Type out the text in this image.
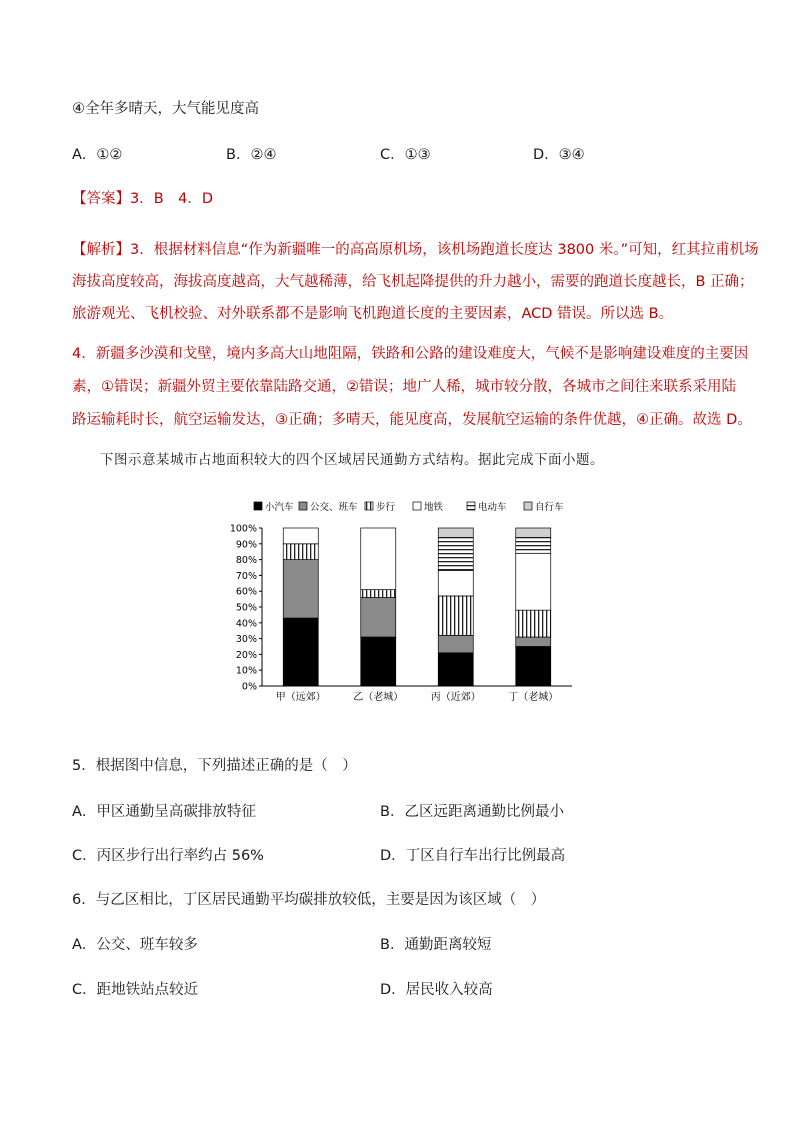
④全年多晴天，大气能见度高
A．①②	B．②④	C．①③	D．③④
【答案】3．B　4．D
【解析】3．根据材料信息“作为新疆唯一的高高原机场，该机场跑道长度达 3800 米。”可知，红其拉甫机场
海拔高度较高，海拔高度越高，大气越稀薄，给飞机起降提供的升力越小，需要的跑道长度越长，B 正确；
旅游观光、飞机校验、对外联系都不是影响飞机跑道长度的主要因素，ACD 错误。所以选 B。
4．新疆多沙漠和戈壁，境内多高大山地阻隔，铁路和公路的建设难度大，气候不是影响建设难度的主要因
素，①错误；新疆外贸主要依靠陆路交通，②错误；地广人稀，城市较分散，各城市之间往来联系采用陆
路运输耗时长，航空运输发达，③正确；多晴天，能见度高，发展航空运输的条件优越，④正确。故选 D。
下图示意某城市占地面积较大的四个区域居民通勤方式结构。据此完成下面小题。
小汽车 公交、班车 步行	地铁	电动车	自行车
0%
10%
20%
30%
40%
50%
60%
70%
80%
90%
100%
甲（远郊）	乙（老城）	丙（近郊）	丁（老城）
5．根据图中信息，下列描述正确的是（　）
A．甲区通勤呈高碳排放特征	B．乙区远距离通勤比例最小
C．丙区步行出行率约占 56%	D．丁区自行车出行比例最高
6．与乙区相比，丁区居民通勤平均碳排放较低，主要是因为该区域（　）
A．公交、班车较多	B．通勤距离较短
C．距地铁站点较近	D．居民收入较高
